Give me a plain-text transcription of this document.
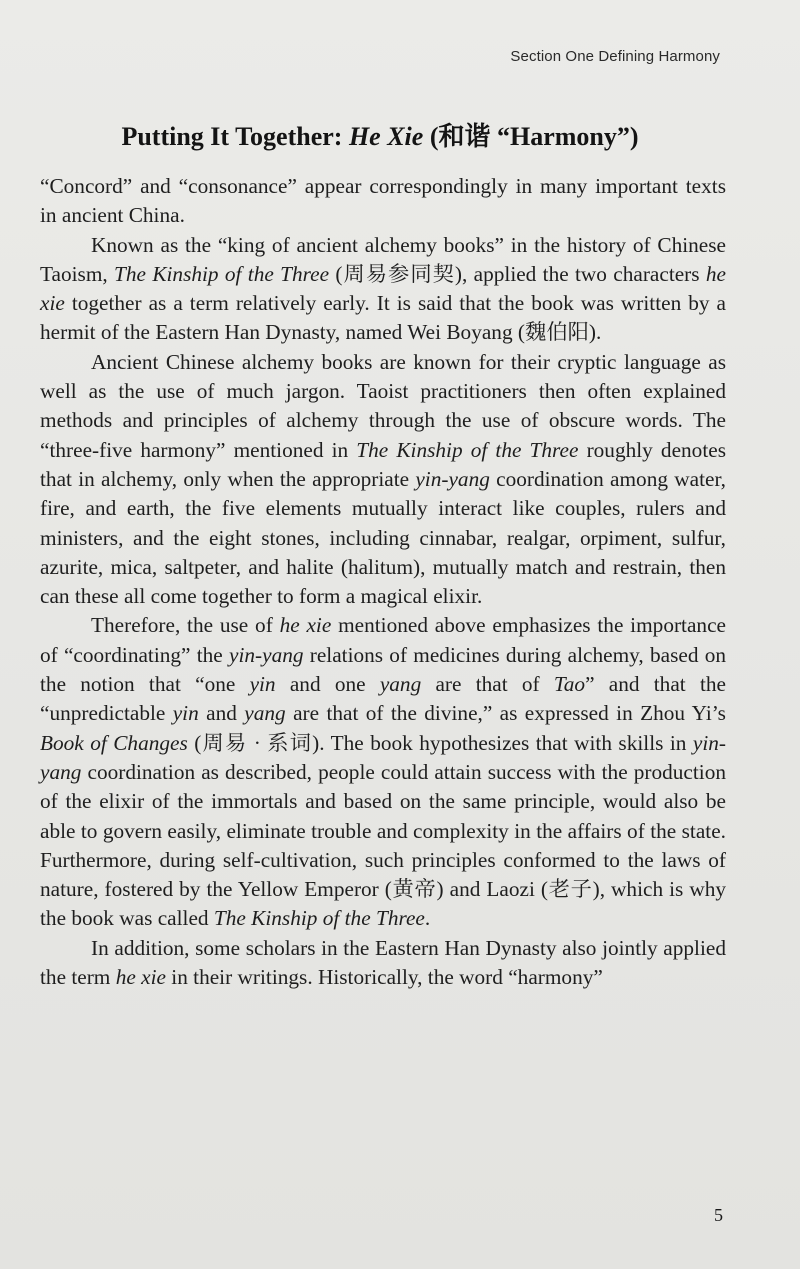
Section One Defining Harmony
Putting It Together: He Xie (和谐 “Harmony”)

“Concord” and “consonance” appear correspondingly in many important texts in ancient China.

Known as the “king of ancient alchemy books” in the history of Chinese Taoism, The Kinship of the Three (周易参同契), applied the two characters he xie together as a term relatively early. It is said that the book was written by a hermit of the Eastern Han Dynasty, named Wei Boyang (魏伯阳).

Ancient Chinese alchemy books are known for their cryptic language as well as the use of much jargon. Taoist practitioners then often explained methods and principles of alchemy through the use of obscure words. The “three-five harmony” mentioned in The Kinship of the Three roughly denotes that in alchemy, only when the appropriate yin-yang coordination among water, fire, and earth, the five elements mutually interact like couples, rulers and ministers, and the eight stones, including cinnabar, realgar, orpiment, sulfur, azurite, mica, saltpeter, and halite (halitum), mutually match and restrain, then can these all come together to form a magical elixir.

Therefore, the use of he xie mentioned above emphasizes the importance of “coordinating” the yin-yang relations of medicines during alchemy, based on the notion that “one yin and one yang are that of Tao” and that the “unpredictable yin and yang are that of the divine,” as expressed in Zhou Yi’s Book of Changes (周易 · 系词). The book hypothesizes that with skills in yin-yang coordination as described, people could attain success with the production of the elixir of the immortals and based on the same principle, would also be able to govern easily, eliminate trouble and complexity in the affairs of the state. Furthermore, during self-cultivation, such principles conformed to the laws of nature, fostered by the Yellow Emperor (黄帝) and Laozi (老子), which is why the book was called The Kinship of the Three.

In addition, some scholars in the Eastern Han Dynasty also jointly applied the term he xie in their writings. Historically, the word “harmony”

5
